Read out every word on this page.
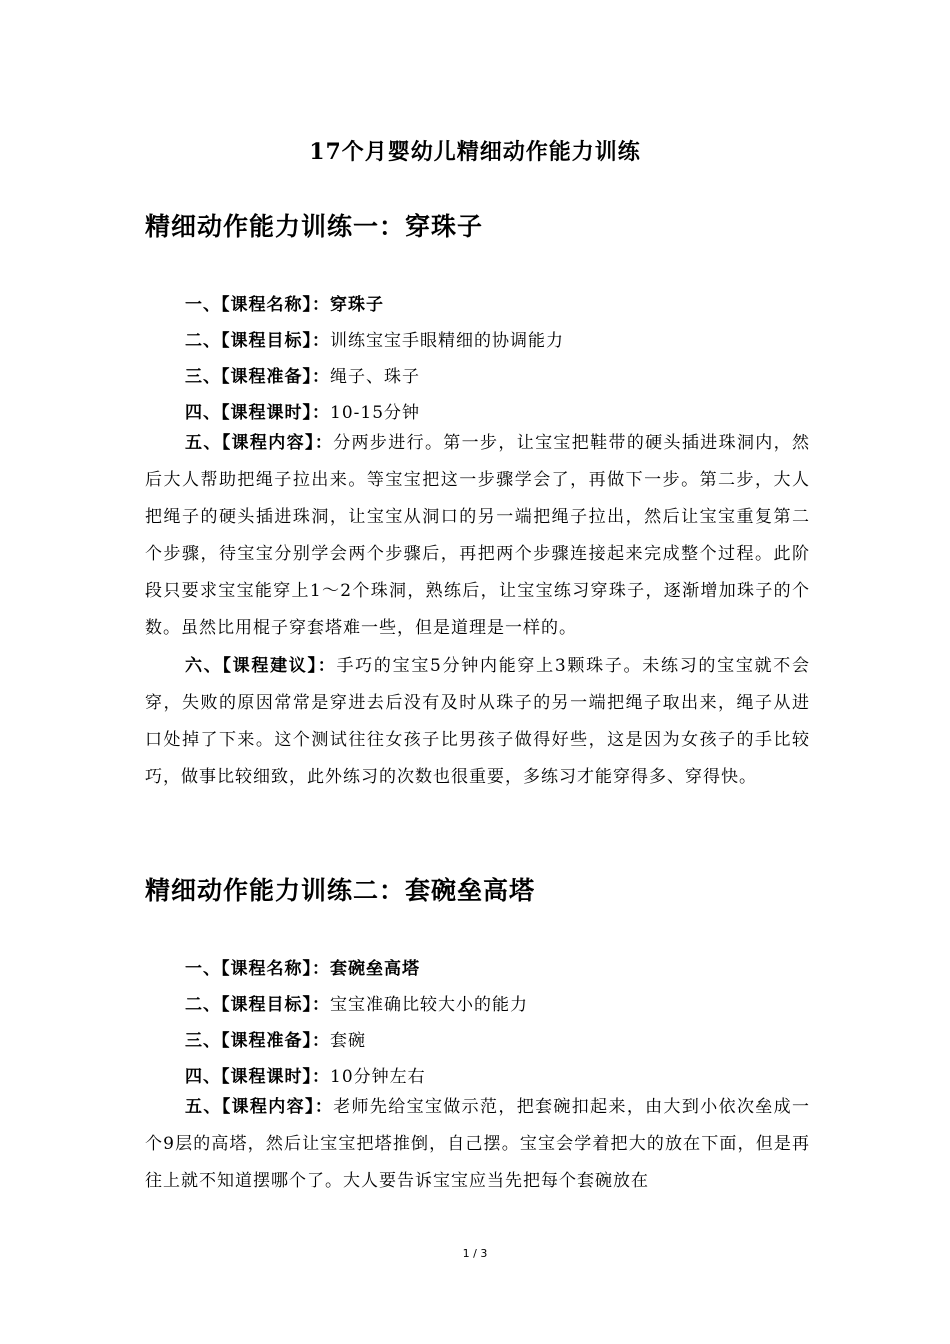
17个月婴幼儿精细动作能力训练
精细动作能力训练一：穿珠子
一、【课程名称】：穿珠子
二、【课程目标】：训练宝宝手眼精细的协调能力
三、【课程准备】：绳子、珠子
四、【课程课时】：10-15分钟
五、【课程内容】：分两步进行。第一步，让宝宝把鞋带的硬头插进珠洞内，然后大人帮助把绳子拉出来。等宝宝把这一步骤学会了，再做下一步。第二步，大人把绳子的硬头插进珠洞，让宝宝从洞口的另一端把绳子拉出，然后让宝宝重复第二个步骤，待宝宝分别学会两个步骤后，再把两个步骤连接起来完成整个过程。此阶段只要求宝宝能穿上1～2个珠洞，熟练后，让宝宝练习穿珠子，逐渐增加珠子的个数。虽然比用棍子穿套塔难一些，但是道理是一样的。
六、【课程建议】：手巧的宝宝5分钟内能穿上3颗珠子。未练习的宝宝就不会穿，失败的原因常常是穿进去后没有及时从珠子的另一端把绳子取出来，绳子从进口处掉了下来。这个测试往往女孩子比男孩子做得好些，这是因为女孩子的手比较巧，做事比较细致，此外练习的次数也很重要，多练习才能穿得多、穿得快。
精细动作能力训练二：套碗垒高塔
一、【课程名称】：套碗垒高塔
二、【课程目标】：宝宝准确比较大小的能力
三、【课程准备】：套碗
四、【课程课时】：10分钟左右
五、【课程内容】：老师先给宝宝做示范，把套碗扣起来，由大到小依次垒成一个9层的高塔，然后让宝宝把塔推倒，自己摆。宝宝会学着把大的放在下面，但是再往上就不知道摆哪个了。大人要告诉宝宝应当先把每个套碗放在
1 / 3
